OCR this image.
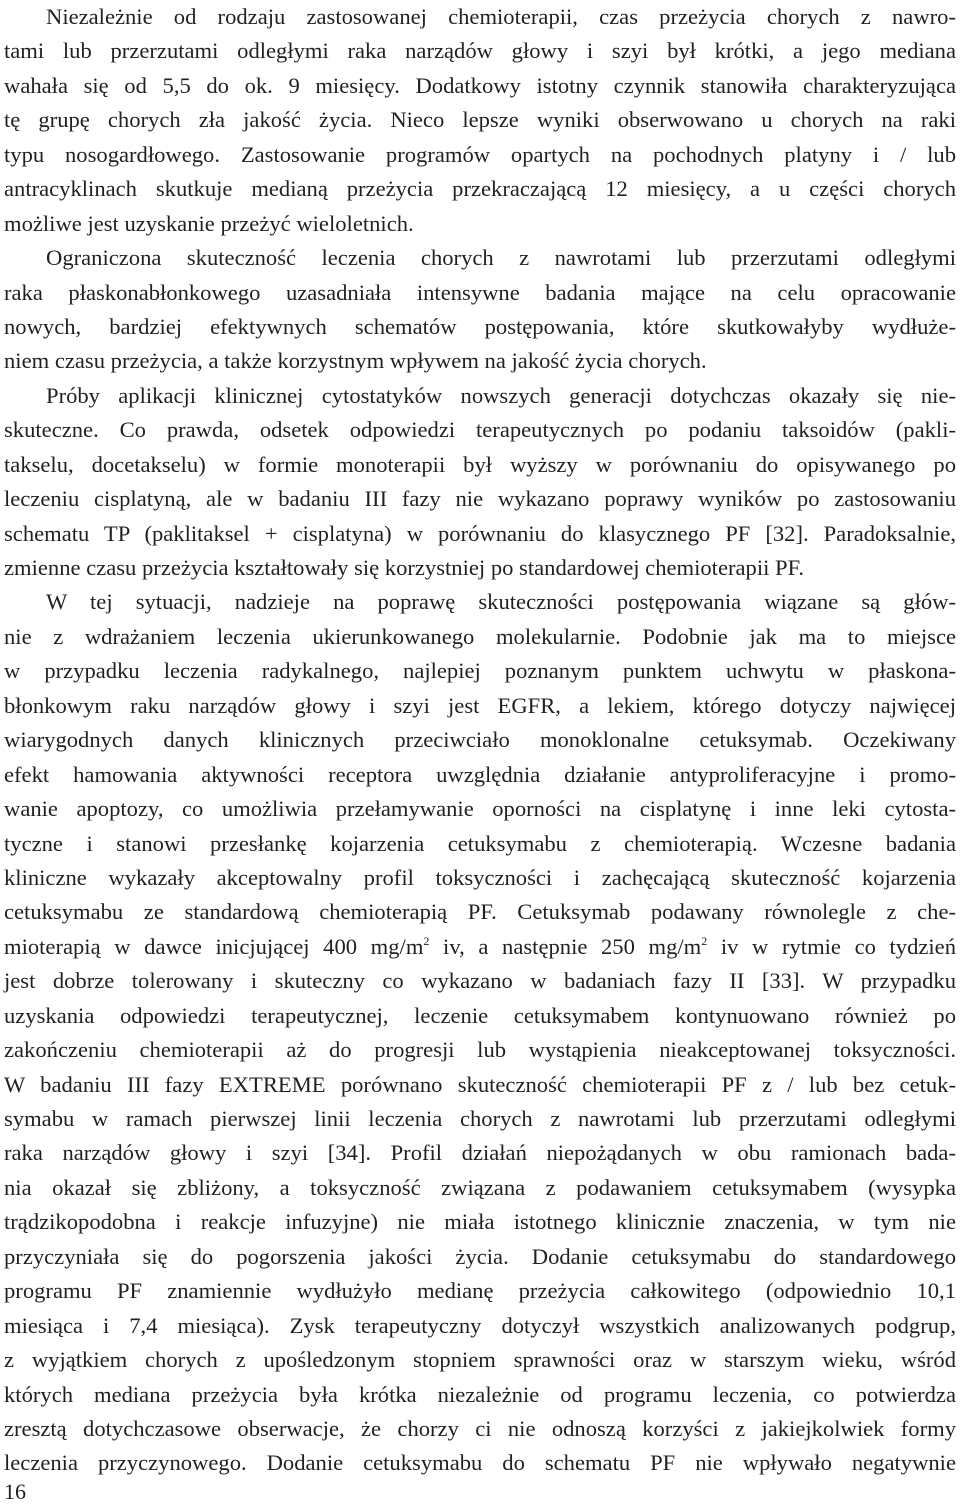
Niezależnie od rodzaju zastosowanej chemioterapii, czas przeżycia chorych z nawro-
tami lub przerzutami odległymi raka narządów głowy i szyi był krótki, a jego mediana
wahała się od 5,5 do ok. 9 miesięcy. Dodatkowy istotny czynnik stanowiła charakteryzująca
tę grupę chorych zła jakość życia. Nieco lepsze wyniki obserwowano u chorych na raki
typu nosogardłowego. Zastosowanie programów opartych na pochodnych platyny i / lub
antracyklinach skutkuje medianą przeżycia przekraczającą 12 miesięcy, a u części chorych
możliwe jest uzyskanie przeżyć wieloletnich.
Ograniczona skuteczność leczenia chorych z nawrotami lub przerzutami odległymi
raka płaskonabłonkowego uzasadniała intensywne badania mające na celu opracowanie
nowych, bardziej efektywnych schematów postępowania, które skutkowałyby wydłuże-
niem czasu przeżycia, a także korzystnym wpływem na jakość życia chorych.
Próby aplikacji klinicznej cytostatyków nowszych generacji dotychczas okazały się nie-
skuteczne. Co prawda, odsetek odpowiedzi terapeutycznych po podaniu taksoidów (pakli-
takselu, docetakselu) w formie monoterapii był wyższy w porównaniu do opisywanego po
leczeniu cisplatyną, ale w badaniu III fazy nie wykazano poprawy wyników po zastosowaniu
schematu TP (paklitaksel + cisplatyna) w porównaniu do klasycznego PF [32]. Paradoksalnie,
zmienne czasu przeżycia kształtowały się korzystniej po standardowej chemioterapii PF.
W tej sytuacji, nadzieje na poprawę skuteczności postępowania wiązane są głów-
nie z wdrażaniem leczenia ukierunkowanego molekularnie. Podobnie jak ma to miejsce
w przypadku leczenia radykalnego, najlepiej poznanym punktem uchwytu w płaskona-
błonkowym raku narządów głowy i szyi jest EGFR, a lekiem, którego dotyczy najwięcej
wiarygodnych danych klinicznych przeciwciało monoklonalne cetuksymab. Oczekiwany
efekt hamowania aktywności receptora uwzględnia działanie antyproliferacyjne i promo-
wanie apoptozy, co umożliwia przełamywanie oporności na cisplatynę i inne leki cytosta-
tyczne i stanowi przesłankę kojarzenia cetuksymabu z chemioterapią. Wczesne badania
kliniczne wykazały akceptowalny profil toksyczności i zachęcającą skuteczność kojarzenia
cetuksymabu ze standardową chemioterapią PF. Cetuksymab podawany równolegle z che-
mioterapią w dawce inicjującej 400 $mg/m^2$ iv, a następnie 250 $mg/m^2$ iv w rytmie co tydzień
jest dobrze tolerowany i skuteczny co wykazano w badaniach fazy II [33]. W przypadku
uzyskania odpowiedzi terapeutycznej, leczenie cetuksymabem kontynuowano również po
zakończeniu chemioterapii aż do progresji lub wystąpienia nieakceptowanej toksyczności.
W badaniu III fazy EXTREME porównano skuteczność chemioterapii PF z / lub bez cetuk-
symabu w ramach pierwszej linii leczenia chorych z nawrotami lub przerzutami odległymi
raka narządów głowy i szyi [34]. Profil działań niepożądanych w obu ramionach bada-
nia okazał się zbliżony, a toksyczność związana z podawaniem cetuksymabem (wysypka
trądzikopodobna i reakcje infuzyjne) nie miała istotnego klinicznie znaczenia, w tym nie
przyczyniała się do pogorszenia jakości życia. Dodanie cetuksymabu do standardowego
programu PF znamiennie wydłużyło medianę przeżycia całkowitego (odpowiednio 10,1
miesiąca i 7,4 miesiąca). Zysk terapeutyczny dotyczył wszystkich analizowanych podgrup,
z wyjątkiem chorych z upośledzonym stopniem sprawności oraz w starszym wieku, wśród
których mediana przeżycia była krótka niezależnie od programu leczenia, co potwierdza
zresztą dotychczasowe obserwacje, że chorzy ci nie odnoszą korzyści z jakiejkolwiek formy
leczenia przyczynowego. Dodanie cetuksymabu do schematu PF nie wpływało negatywnie
16
